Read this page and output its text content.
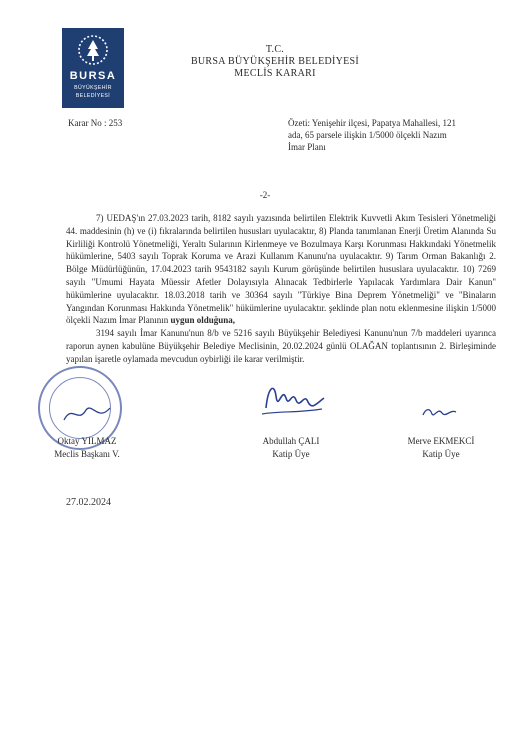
BURSA
BÜYÜKŞEHİR
BELEDİYESİ
T.C.
BURSA BÜYÜKŞEHİR BELEDİYESİ
MECLİS KARARI
Karar No : 253	Özeti: Yenişehir ilçesi, Papatya Mahallesi, 121
ada, 65 parsele ilişkin 1/5000 ölçekli Nazım
İmar Planı
-2-

7) UEDAŞ'ın 27.03.2023 tarih, 8182 sayılı yazısında belirtilen Elektrik Kuvvetli Akım Tesisleri Yönetmeliği 44. maddesinin (h) ve (i) fıkralarında belirtilen hususları uyulacaktır, 8) Planda tanımlanan Enerji Üretim Alanında Su Kirliliği Kontrolü Yönetmeliği, Yeraltı Sularının Kirlenmeye ve Bozulmaya Karşı Korunması Hakkındaki Yönetmelik hükümlerine, 5403 sayılı Toprak Koruma ve Arazi Kullanım Kanunu'na uyulacaktır. 9) Tarım Orman Bakanlığı 2. Bölge Müdürlüğünün, 17.04.2023 tarih 9543182 sayılı Kurum görüşünde belirtilen hususlara uyulacaktır. 10) 7269 sayılı "Umumi Hayata Müessir Afetler Dolayısıyla Alınacak Tedbirlerle Yapılacak Yardımlara Dair Kanun" hükümlerine uyulacaktır. 18.03.2018 tarih ve 30364 sayılı "Türkiye Bina Deprem Yönetmeliği" ve "Binaların Yangından Korunması Hakkında Yönetmelik" hükümlerine uyulacaktır. şeklinde plan notu eklenmesine ilişkin 1/5000 ölçekli Nazım İmar Planının uygun olduğuna,

3194 sayılı İmar Kanunu'nun 8/b ve 5216 sayılı Büyükşehir Belediyesi Kanunu'nun 7/b maddeleri uyarınca raporun aynen kabulüne Büyükşehir Belediye Meclisinin, 20.02.2024 günlü OLAĞAN toplantısının 2. Birleşiminde yapılan işaretle oylamada mevcudun oybirliği ile karar verilmiştir.

Oktay YILMAZ
Meclis Başkanı V.
Abdullah ÇALI
Katip Üye
Merve EKMEKCİ
Katip Üye
27.02.2024
